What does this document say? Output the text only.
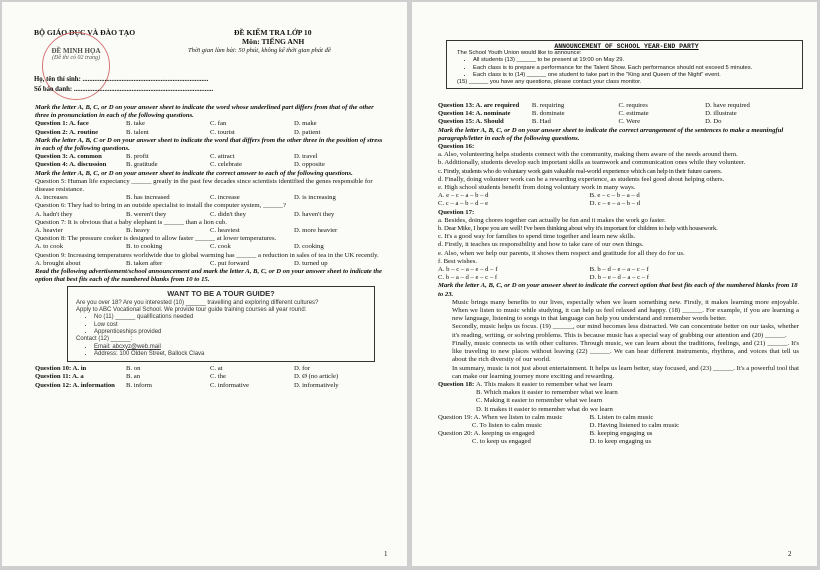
BỘ GIÁO DỤC VÀ ĐÀO TẠO
ĐỀ MINH HỌA
(Đề thi có 02 trang)
ĐỀ KIỂM TRA LỚP 10
Môn: TIẾNG ANH
Thời gian làm bài: 50 phút, không kể thời gian phát đề
Họ, tên thí sinh: ..........................................................................
Số báo danh: ..................................................................................

Mark the letter A, B, C, or D on your answer sheet to indicate the word whose underlined part differs from that of the other three in pronunciation in each of the following questions.

Question 1: A. face	B. take	C. fan	D. make
Question 2: A. routine	B. talent	C. tourist	D. patient

Mark the letter A, B, C or D on your answer sheet to indicate the word that differs from the other three in the position of stress in each of the following questions.

Question 3: A. common	B. profit	C. attract	D. travel
Question 4: A. discussion	B. gratitude	C. celebrate	D. opposite

Mark the letter A, B, C, or D on your answer sheet to indicate the correct answer to each of the following questions.

Question 5: Human life expectancy ______ greatly in the past few decades since scientists identified the genes responsible for disease resistance.

A. increases	B. has increased	C. increase	D. is increasing

Question 6: They had to bring in an outside specialist to install the computer system, ______?

A. hadn't they	B. weren't they	C. didn't they	D. haven't they

Question 7: It is obvious that a baby elephant is ______ than a lion cub.

A. heavier	B. heavy	C. heaviest	D. more heavier

Question 8: The pressure cooker is designed to allow faster ______ at lower temperatures.

A. to cook	B. to cooking	C. cook	D. cooking

Question 9: Increasing temperatures worldwide due to global warming has ______ a reduction in sales of tea in the UK recently.

A. brought about	B. taken after	C. put forward	D. turned up

Read the following advertisement/school announcement and mark the letter A, B, C, or D on your answer sheet to indicate the option that best fits each of the numbered blanks from 10 to 15.

WANT TO BE A TOUR GUIDE?
Are you over 18? Are you interested (10) ______ travelling and exploring different cultures?
Apply to ABC Vocational School. We provide tour guide training courses all year round:
• No (11) ______ qualifications needed
• Low cost
• Apprenticeships provided
Contact (12) ______:
• Email: abcxyz@web.mail
• Address: 100 Olden Street, Ballock Clava
Question 10: A. in	B. on	C. at	D. for
Question 11: A. a	B. an	C. the	D. Ø (no article)
Question 12: A. information	B. inform	C. informative	D. informatively
1
ANNOUNCEMENT OF SCHOOL YEAR-END PARTY
The School Youth Union would like to announce:
• All students (13) ______ to be present at 19:00 on May 29.
• Each class is to prepare a performance for the Talent Show. Each performance should not exceed 5 minutes.
• Each class is to (14) ______ one student to take part in the "King and Queen of the Night" event.
(15) ______ you have any questions, please contact your class monitor.
Question 13: A. are required	B. requiring	C. requires	D. have required
Question 14: A. nominate	B. dominate	C. estimate	D. illustrate
Question 15: A. Should	B. Had	C. Were	D. Do

Mark the letter A, B, C, or D on your answer sheet to indicate the correct arrangement of the sentences to make a meaningful paragraph/letter in each of the following questions.

Question 16:

a. Also, volunteering helps students connect with the community, making them aware of the needs around them.

b. Additionally, students develop such important skills as teamwork and communication ones while they volunteer.

c. Firstly, students who do voluntary work gain valuable real-world experience which can help in their future careers.

d. Finally, doing volunteer work can be a rewarding experience, as students feel good about helping others.

e. High school students benefit from doing voluntary work in many ways.

A. e – c – a – b – d	B. e – c – b – a – d
C. c – a – b – d – e	D. c – e – a – b – d

Question 17:

a. Besides, doing chores together can actually be fun and it makes the work go faster.

b. Dear Mike, I hope you are well! I've been thinking about why it's important for children to help with housework.

c. It's a good way for families to spend time together and learn new skills.

d. Firstly, it teaches us responsibility and how to take care of our own things.

e. Also, when we help our parents, it shows them respect and gratitude for all they do for us.

f. Best wishes.

A. b – c – a – e – d – f	B. b – d – e – a – c – f
C. b – a – d – e – c – f	D. b – e – d – a – c – f

Mark the letter A, B, C, or D on your answer sheet to indicate the correct option that best fits each of the numbered blanks from 18 to 23.

Music brings many benefits to our lives, especially when we learn something new. Firstly, it makes learning more enjoyable. When we listen to music while studying, it can help us feel relaxed and happy. (18) ______. For example, if you are learning a new language, listening to songs in that language can help you understand and remember words better.

Secondly, music helps us focus. (19) ______, our mind becomes less distracted. We can concentrate better on our tasks, whether it's reading, writing, or solving problems. This is because music has a special way of grabbing our attention and (20) ______.

Finally, music connects us with other cultures. Through music, we can learn about the traditions, feelings, and (21) ______. It's like traveling to new places without leaving (22) ______. We can hear different instruments, rhythms, and voices that tell us about the rich diversity of our world.

In summary, music is not just about entertainment. It helps us learn better, stay focused, and (23) ______. It's a powerful tool that can make our learning journey more exciting and rewarding.

Question 18: A. This makes it easier to remember what we learn
B. Which makes it easier to remember what we learn
C. Making it easier to remember what we learn
D. It makes it easier to remember what do we learn
Question 19: A. When we listen to calm music	B. Listen to calm music
C. To listen to calm music	D. Having listened to calm music
Question 20: A. keeping us engaged	B. keeping engaging us
C. to keep us engaged	D. to keep engaging us
2
